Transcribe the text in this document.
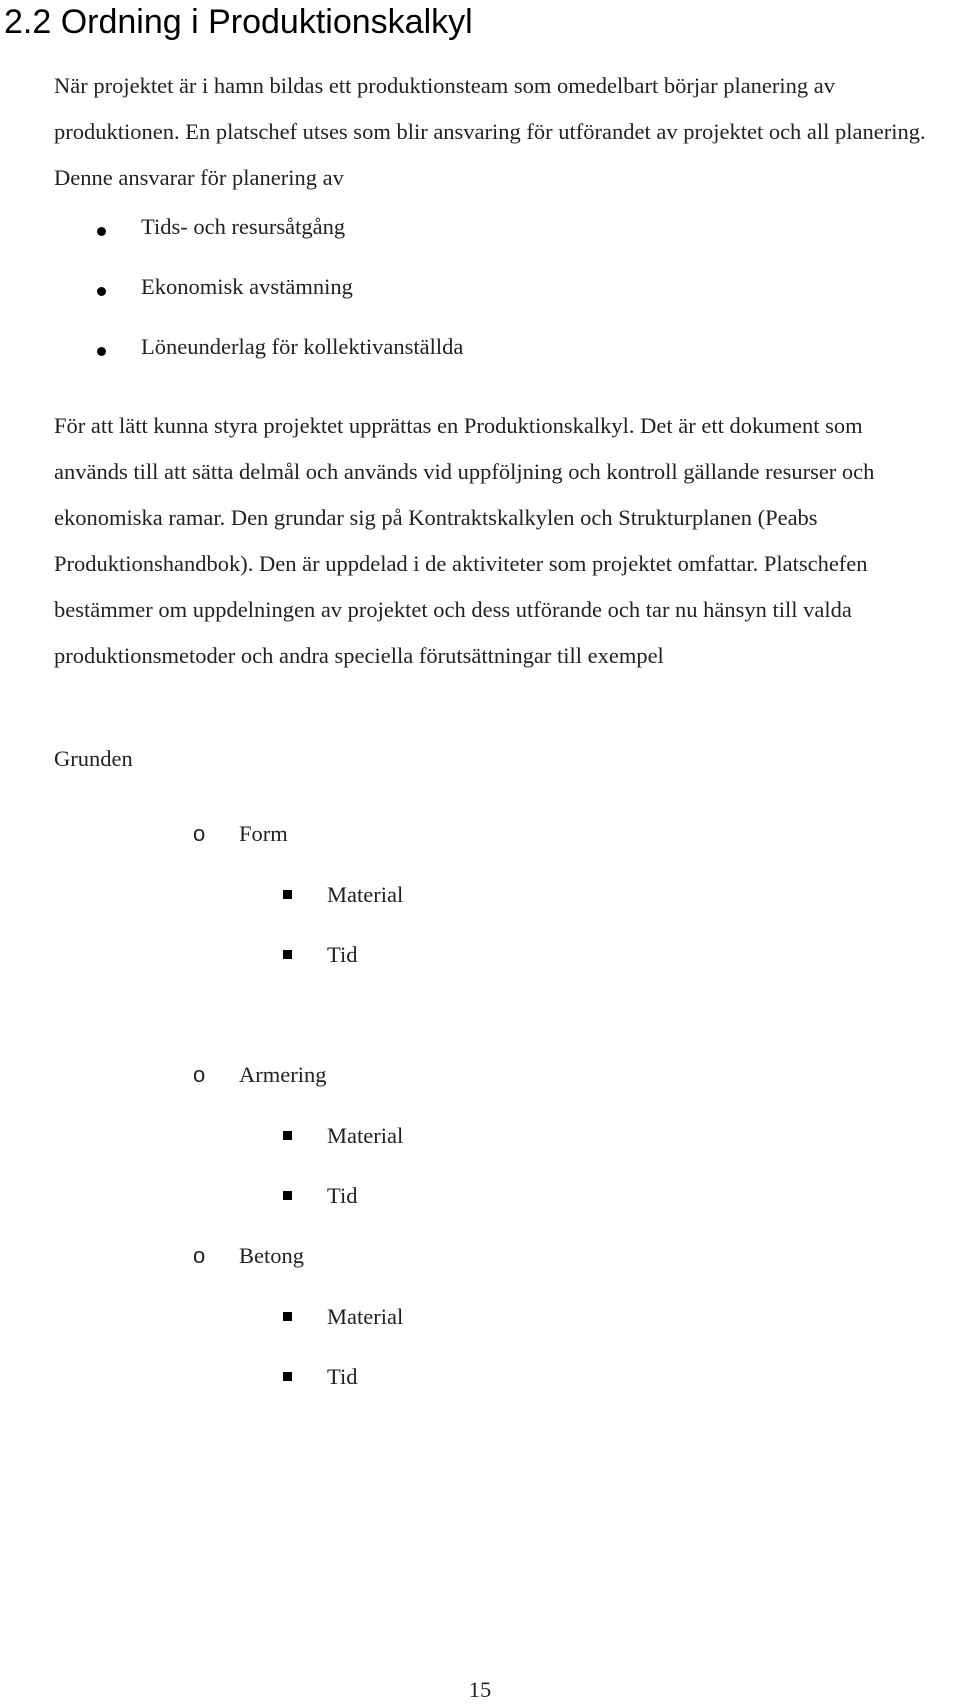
2.2 Ordning i Produktionskalkyl

När projektet är i hamn bildas ett produktionsteam som omedelbart börjar planering av produktionen. En platschef utses som blir ansvaring för utförandet av projektet och all planering. Denne ansvarar för planering av

Tids- och resursåtgång
Ekonomisk avstämning
Löneunderlag för kollektivanställda

För att lätt kunna styra projektet upprättas en Produktionskalkyl. Det är ett dokument som används till att sätta delmål och används vid uppföljning och kontroll gällande resurser och ekonomiska ramar. Den grundar sig på Kontraktskalkylen och Strukturplanen (Peabs Produktionshandbok). Den är uppdelad i de aktiviteter som projektet omfattar. Platschefen bestämmer om uppdelningen av projektet och dess utförande och tar nu hänsyn till valda produktionsmetoder och andra speciella förutsättningar till exempel

Grunden
o Form
Material
Tid
o Armering
Material
Tid
o Betong
Material
Tid
15
